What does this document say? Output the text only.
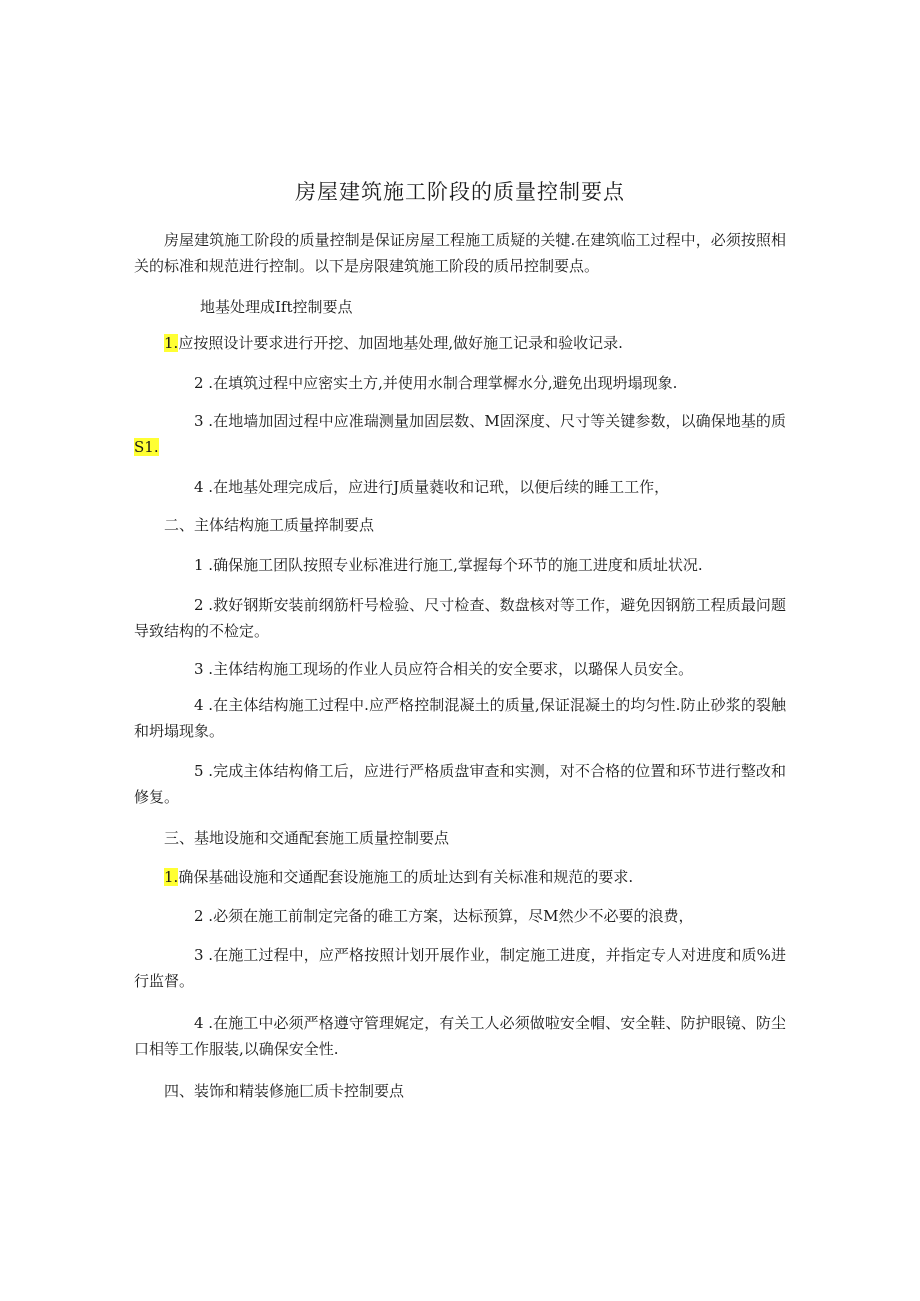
房屋建筑施工阶段的质量控制要点

房屋建筑施工阶段的质量控制是保证房屋工程施工质疑的关犍.在建筑临工过程中，必须按照相关的标准和规范进行控制。以下是房限建筑施工阶段的质吊控制要点。

地基处理成Ift控制要点

1.应按照设计要求进行开挖、加固地基处理,做好施工记录和验收记录.

2 .在填筑过程中应密实土方,并使用水制合理掌樨水分,避免出现坍塌现象.

3 .在地墙加固过程中应准瑞测量加固层数、M固深度、尺寸等关键参数，以确保地基的质S1.

4 .在地基处理完成后，应进行J质量蕤收和记玳，以便后续的睡工工作，

二、主体结构施工质量捽制要点

1 .确保施工团队按照专业标准进行施工,掌握每个环节的施工进度和质址状况.

2 .救好钢斯安装前纲筋杆号检验、尺寸检查、数盘核对等工作，避免因钢筋工程质最问题导致结构的不检定。

3 .主体结构施工现场的作业人员应符合相关的安全要求，以璐保人员安全。

4 .在主体结构施工过程中.应严格控制混凝土的质量,保证混凝土的均匀性.防止砂浆的裂触和坍塌现象。

5 .完成主体结构脩工后，应进行严格质盘审查和实测，对不合格的位置和环节进行整改和修复。

三、基地设施和交通配套施工质量控制要点

1.确保基础设施和交通配套设施施工的质址达到有关标准和规范的要求.

2 .必须在施工前制定完备的碓工方案，达标预算，尽M然少不必要的浪费，

3 .在施工过程中，应严格按照计划开展作业，制定施工进度，并指定专人对进度和质%进行监督。

4 .在施工中必须严格遵守管理娓定，有关工人必须做啦安全帽、安全鞋、防护眼镜、防尘口相等工作服装,以确保安全性.

四、装饰和精装修施匚质卡控制要点
